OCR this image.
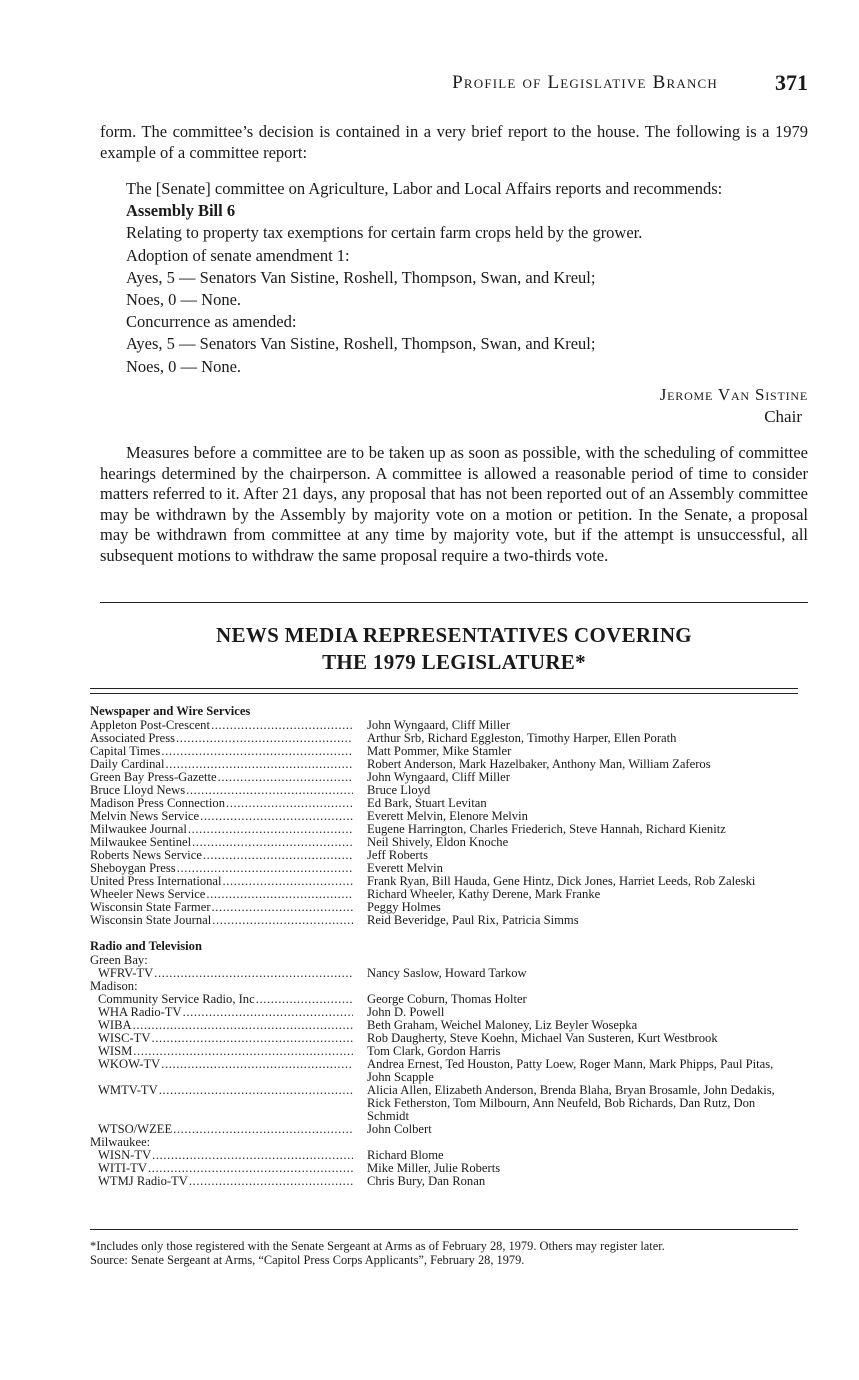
Profile of Legislative Branch	371

form. The committee’s decision is contained in a very brief report to the house. The following is a 1979 example of a committee report:

The [Senate] committee on Agriculture, Labor and Local Affairs reports and recommends:

Assembly Bill 6

Relating to property tax exemptions for certain farm crops held by the grower.

Adoption of senate amendment 1:

Ayes, 5 — Senators Van Sistine, Roshell, Thompson, Swan, and Kreul;

Noes, 0 — None.

Concurrence as amended:

Ayes, 5 — Senators Van Sistine, Roshell, Thompson, Swan, and Kreul;

Noes, 0 — None.

Jerome Van Sistine
Chair

Measures before a committee are to be taken up as soon as possible, with the scheduling of committee hearings determined by the chairperson. A committee is allowed a reasonable period of time to consider matters referred to it. After 21 days, any proposal that has not been reported out of an Assembly committee may be withdrawn by the Assembly by majority vote on a motion or petition. In the Senate, a proposal may be withdrawn from committee at any time by majority vote, but if the attempt is unsuccessful, all subsequent motions to withdraw the same proposal require a two-thirds vote.

NEWS MEDIA REPRESENTATIVES COVERING
THE 1979 LEGISLATURE*

Newspaper and Wire Services

Appleton Post-Crescent .....	John Wyngaard, Cliff Miller
Associated Press .....	Arthur Srb, Richard Eggleston, Timothy Harper, Ellen Porath
Capital Times .....	Matt Pommer, Mike Stamler
Daily Cardinal .....	Robert Anderson, Mark Hazelbaker, Anthony Man, William Zaferos
Green Bay Press-Gazette .....	John Wyngaard, Cliff Miller
Bruce Lloyd News .....	Bruce Lloyd
Madison Press Connection .....	Ed Bark, Stuart Levitan
Melvin News Service .....	Everett Melvin, Elenore Melvin
Milwaukee Journal .....	Eugene Harrington, Charles Friederich, Steve Hannah, Richard Kienitz
Milwaukee Sentinel .....	Neil Shively, Eldon Knoche
Roberts News Service .....	Jeff Roberts
Sheboygan Press .....	Everett Melvin
United Press International .....	Frank Ryan, Bill Hauda, Gene Hintz, Dick Jones, Harriet Leeds, Rob Zaleski
Wheeler News Service .....	Richard Wheeler, Kathy Derene, Mark Franke
Wisconsin State Farmer .....	Peggy Holmes
Wisconsin State Journal .....	Reid Beveridge, Paul Rix, Patricia Simms

Radio and Television

Green Bay:

WFRV-TV .....	Nancy Saslow, Howard Tarkow

Madison:

Community Service Radio, Inc .....	George Coburn, Thomas Holter
WHA Radio-TV .....	John D. Powell
WIBA .....	Beth Graham, Weichel Maloney, Liz Beyler Wosepka
WISC-TV .....	Rob Daugherty, Steve Koehn, Michael Van Susteren, Kurt Westbrook
WISM .....	Tom Clark, Gordon Harris
WKOW-TV .....	Andrea Ernest, Ted Houston, Patty Loew, Roger Mann, Mark Phipps, Paul Pitas, John Scapple
WMTV-TV .....	Alicia Allen, Elizabeth Anderson, Brenda Blaha, Bryan Brosamle, John Dedakis, Rick Fetherston, Tom Milbourn, Ann Neufeld, Bob Richards, Dan Rutz, Don Schmidt
WTSO/WZEE .....	John Colbert

Milwaukee:

WISN-TV .....	Richard Blome
WITI-TV .....	Mike Miller, Julie Roberts
WTMJ Radio-TV .....	Chris Bury, Dan Ronan

*Includes only those registered with the Senate Sergeant at Arms as of February 28, 1979. Others may register later.

Source: Senate Sergeant at Arms, “Capitol Press Corps Applicants”, February 28, 1979.
